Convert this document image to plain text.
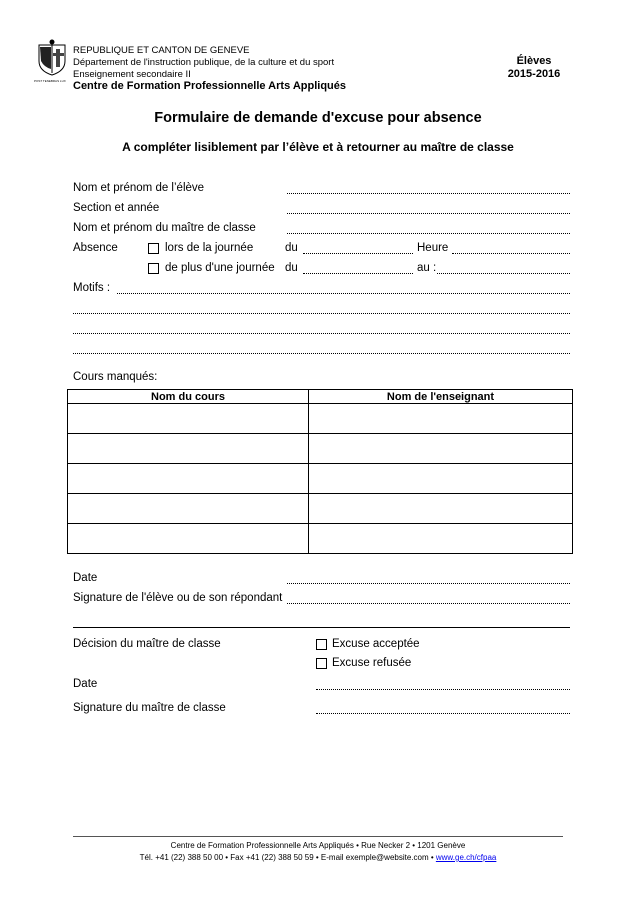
POST TENEBRAS LUX
REPUBLIQUE ET CANTON DE GENEVE
Département de l'instruction publique, de la culture et du sport
Enseignement secondaire II
Centre de Formation Professionnelle Arts Appliqués
Élèves
2015-2016
Formulaire de demande d'excuse pour absence
A compléter lisiblement par l’élève et à retourner au maître de classe
Nom et prénom de l’élève
Section et année
Nom et prénom du maître de classe
Absence	lors de la journée	du	Heure
de plus d'une journée du	au :
Motifs :
Cours manqués:
Nom du cours	Nom de l'enseignant

Date
Signature de l'élève ou de son répondant
Décision du maître de classe	Excuse acceptée
Excuse refusée
Date
Signature du maître de classe
Centre de Formation Professionnelle Arts Appliqués • Rue Necker 2 • 1201 Genève
Tél. +41 (22) 388 50 00 • Fax +41 (22) 388 50 59 • E-mail exemple@website.com • www.ge.ch/cfpaa
